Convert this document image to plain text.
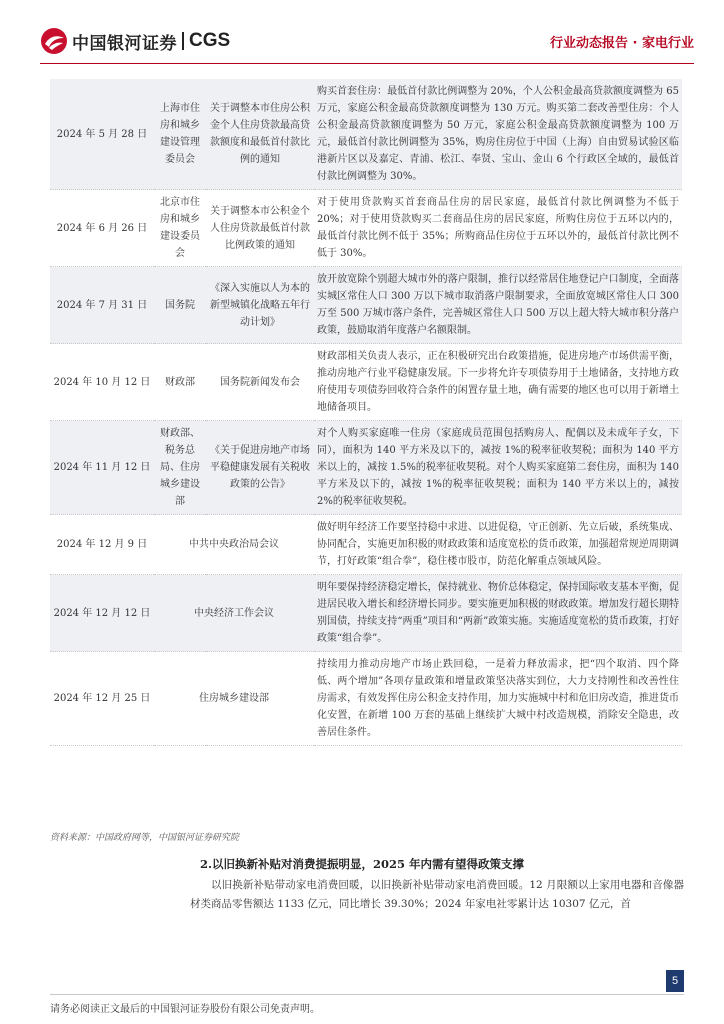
中国银河证券 CGS	行业动态报告 · 家电行业
2024 年 5 月 28 日	上海市住房和城乡建设管理委员会	关于调整本市住房公积金个人住房贷款最高贷款额度和最低首付款比例的通知	购买首套住房：最低首付款比例调整为 20%，个人公积金最高贷款额度调整为 65 万元，家庭公积金最高贷款额度调整为 130 万元。购买第二套改善型住房：个人公积金最高贷款额度调整为 50 万元，家庭公积金最高贷款额度调整为 100 万元，最低首付款比例调整为 35%，购房住房位于中国（上海）自由贸易试验区临港新片区以及嘉定、青浦、松江、奉贤、宝山、金山 6 个行政区全域的，最低首付款比例调整为 30%。
2024 年 6 月 26 日	北京市住房和城乡建设委员会	关于调整本市公积金个人住房贷款最低首付款比例政策的通知	对于使用贷款购买首套商品住房的居民家庭，最低首付款比例调整为不低于 20%；对于使用贷款购买二套商品住房的居民家庭，所购住房位于五环以内的，最低首付款比例不低于 35%；所购商品住房位于五环以外的，最低首付款比例不低于 30%。
2024 年 7 月 31 日	国务院	《深入实施以人为本的新型城镇化战略五年行动计划》	放开放宽除个别超大城市外的落户限制，推行以经常居住地登记户口制度，全面落实城区常住人口 300 万以下城市取消落户限制要求，全面放宽城区常住人口 300 万至 500 万城市落户条件，完善城区常住人口 500 万以上超大特大城市积分落户政策，鼓励取消年度落户名额限制。
2024 年 10 月 12 日	财政部	国务院新闻发布会	财政部相关负责人表示，正在积极研究出台政策措施，促进房地产市场供需平衡，推动房地产行业平稳健康发展。下一步将允许专项债券用于土地储备，支持地方政府使用专项债券回收符合条件的闲置存量土地，确有需要的地区也可以用于新增土地储备项目。
2024 年 11 月 12 日	财政部、税务总局、住房城乡建设部	《关于促进房地产市场平稳健康发展有关税收政策的公告》	对个人购买家庭唯一住房（家庭成员范围包括购房人、配偶以及未成年子女，下同），面积为 140 平方米及以下的，减按 1%的税率征收契税；面积为 140 平方米以上的，减按 1.5%的税率征收契税。对个人购买家庭第二套住房，面积为 140 平方米及以下的，减按 1%的税率征收契税；面积为 140 平方米以上的，减按 2%的税率征收契税。
2024 年 12 月 9 日	中共中央政治局会议		做好明年经济工作要坚持稳中求进、以进促稳，守正创新、先立后破，系统集成、协同配合，实施更加积极的财政政策和适度宽松的货币政策，加强超常规逆周期调节，打好政策“组合拳”，稳住楼市股市，防范化解重点领域风险。
2024 年 12 月 12 日	中央经济工作会议		明年要保持经济稳定增长，保持就业、物价总体稳定，保持国际收支基本平衡，促进居民收入增长和经济增长同步。要实施更加积极的财政政策。增加发行超长期特别国债，持续支持“两重”项目和“两新”政策实施。实施适度宽松的货币政策，打好政策“组合拳”。
2024 年 12 月 25 日	住房城乡建设部		持续用力推动房地产市场止跌回稳，一是着力释放需求，把“四个取消、四个降低、两个增加”各项存量政策和增量政策坚决落实到位，大力支持刚性和改善性住房需求，有效发挥住房公积金支持作用，加力实施城中村和危旧房改造，推进货币化安置，在新增 100 万套的基础上继续扩大城中村改造规模，消除安全隐患，改善居住条件。
资料来源：中国政府网等，中国银河证券研究院
2.以旧换新补贴对消费提振明显，2025 年内需有望得政策支撑
以旧换新补贴带动家电消费回暖，以旧换新补贴带动家电消费回暖。12 月限额以上家用电器和音像器材类商品零售额达 1133 亿元，同比增长 39.30%；2024 年家电社零累计达 10307 亿元，首
5
请务必阅读正文最后的中国银河证券股份有限公司免责声明。
